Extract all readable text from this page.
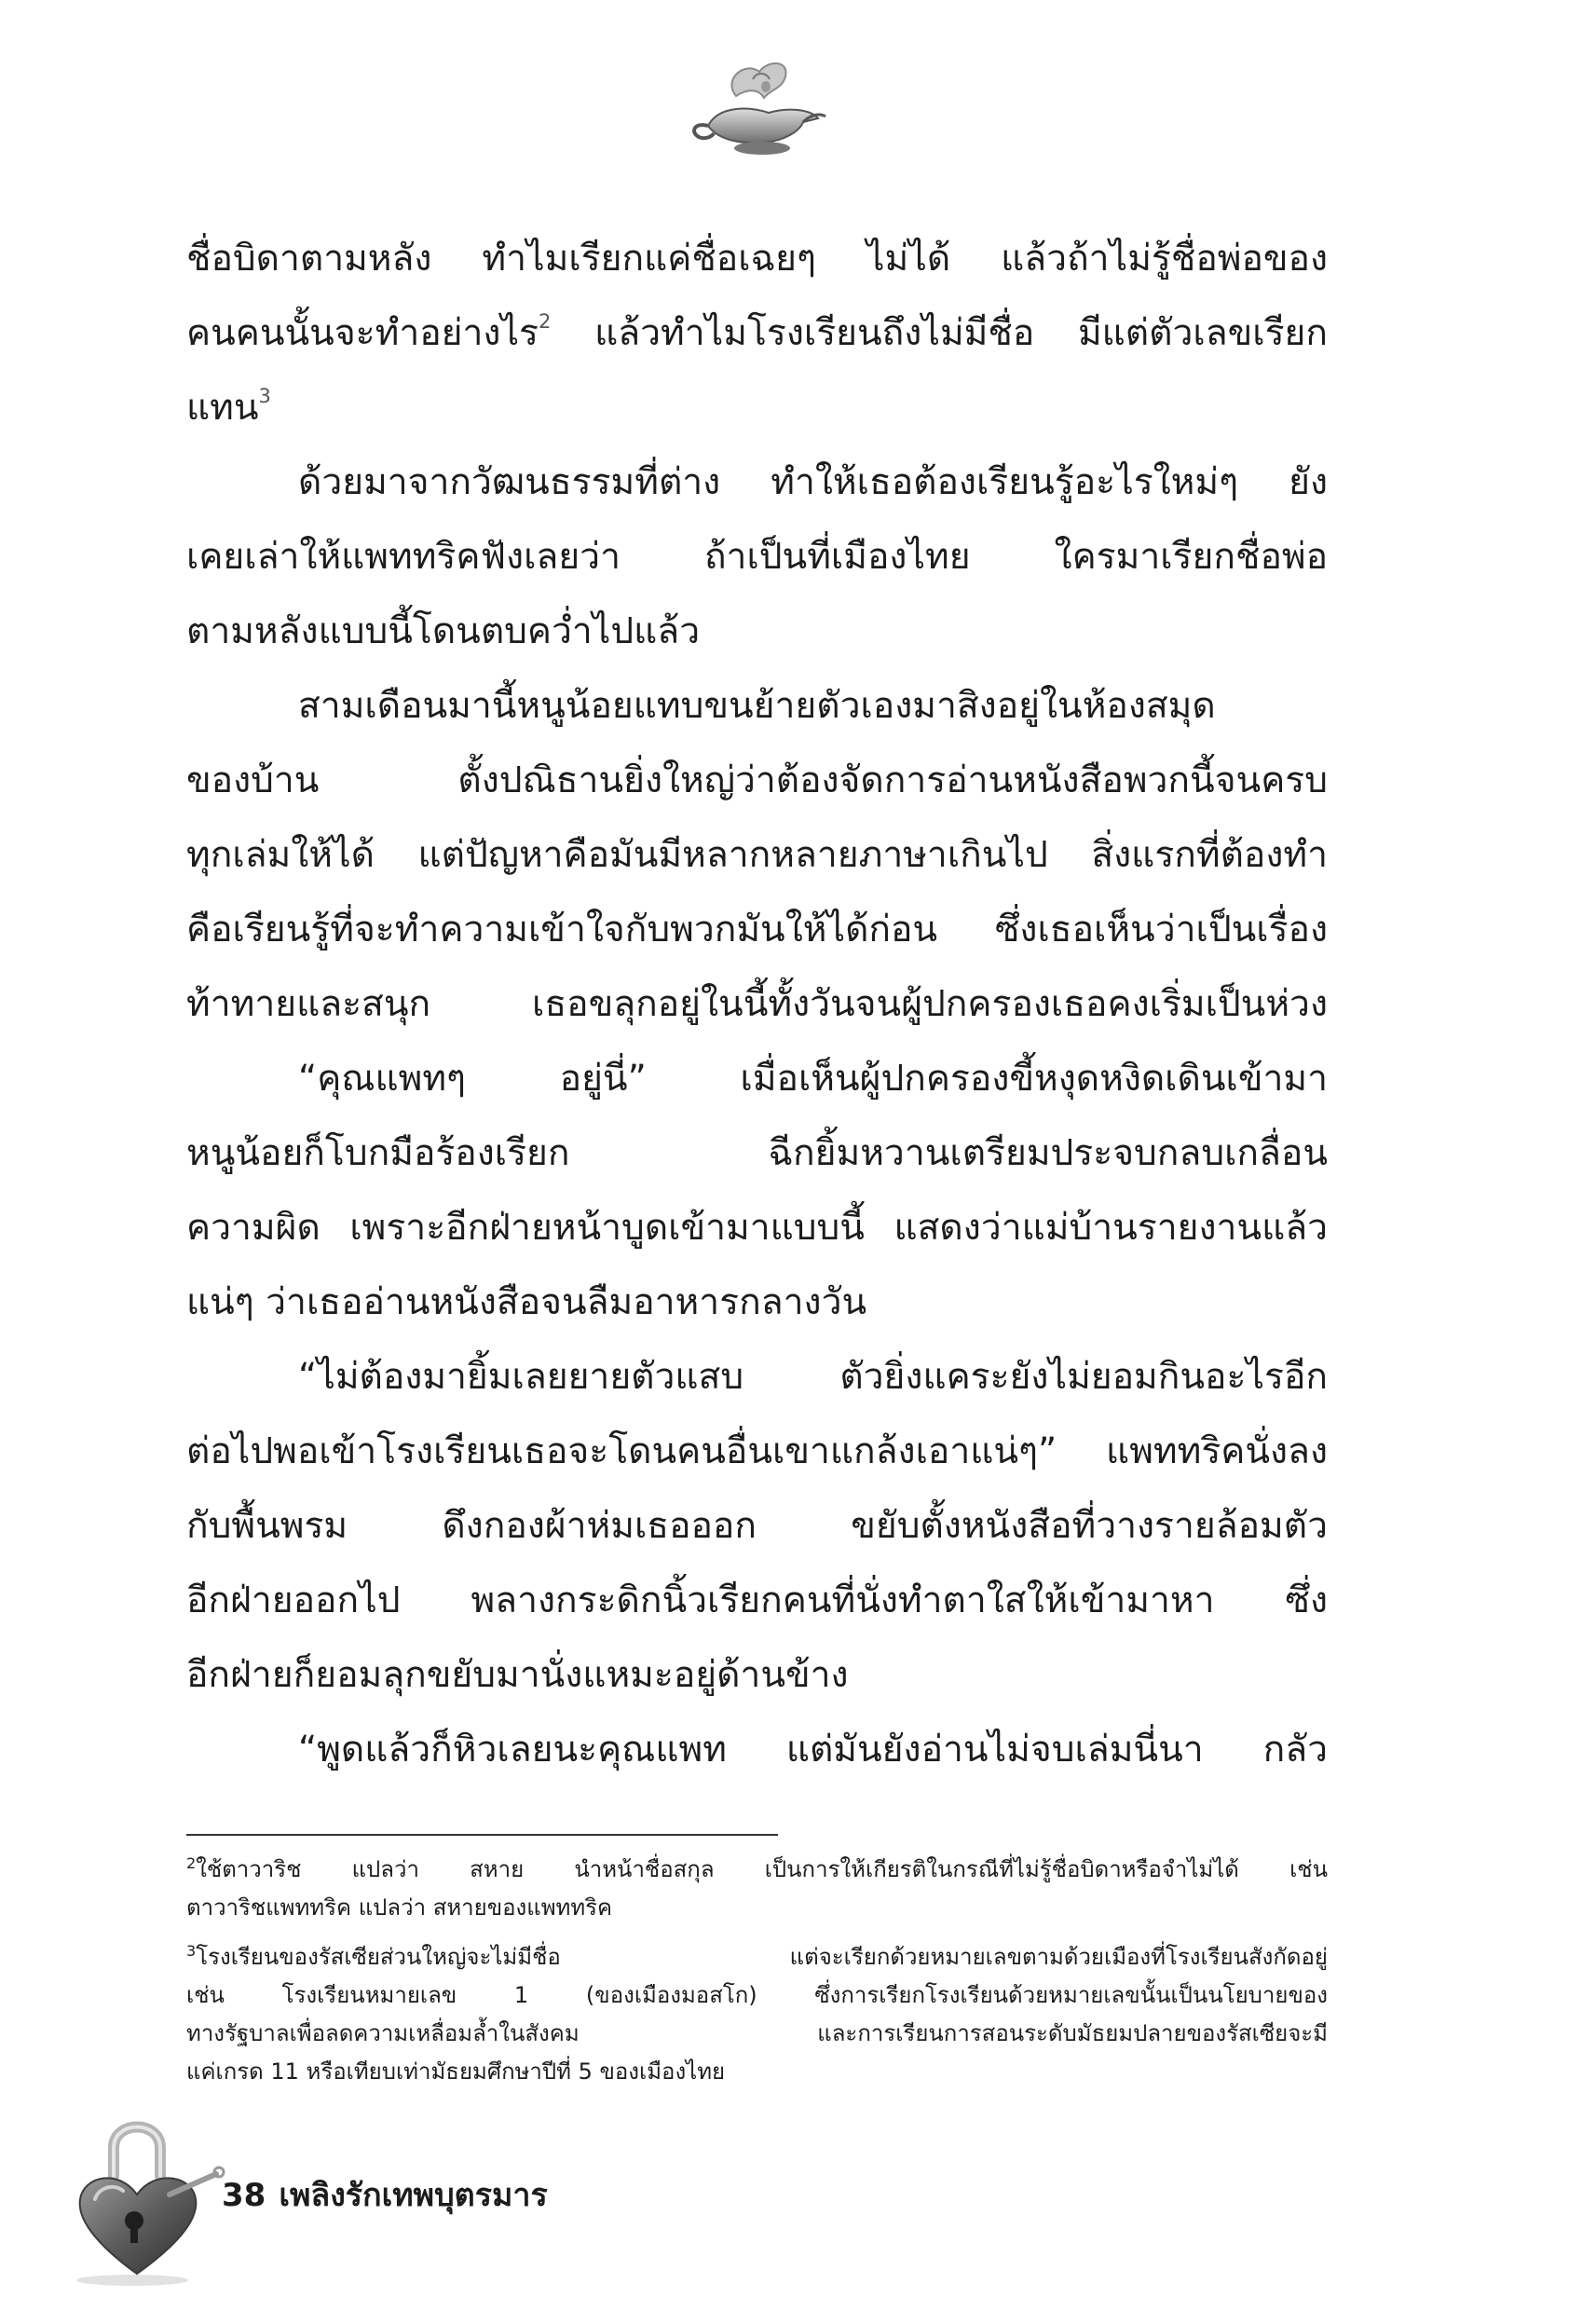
ชื่อบิดาตามหลัง ทำไมเรียกแค่ชื่อเฉยๆ ไม่ได้ แล้วถ้าไม่รู้ชื่อพ่อของ
คนคนนั้นจะทำอย่างไร$^2$ แล้วทำไมโรงเรียนถึงไม่มีชื่อ มีแต่ตัวเลขเรียก
แทน$^3$
ด้วยมาจากวัฒนธรรมที่ต่าง ทำให้เธอต้องเรียนรู้อะไรใหม่ๆ ยัง
เคยเล่าให้แพททริคฟังเลยว่า ถ้าเป็นที่เมืองไทย ใครมาเรียกชื่อพ่อ
ตามหลังแบบนี้โดนตบคว่ำไปแล้ว
สามเดือนมานี้หนูน้อยแทบขนย้ายตัวเองมาสิงอยู่ในห้องสมุด
ของบ้าน ตั้งปณิธานยิ่งใหญ่ว่าต้องจัดการอ่านหนังสือพวกนี้จนครบ
ทุกเล่มให้ได้ แต่ปัญหาคือมันมีหลากหลายภาษาเกินไป สิ่งแรกที่ต้องทำ
คือเรียนรู้ที่จะทำความเข้าใจกับพวกมันให้ได้ก่อน ซึ่งเธอเห็นว่าเป็นเรื่อง
ท้าทายและสนุก เธอขลุกอยู่ในนี้ทั้งวันจนผู้ปกครองเธอคงเริ่มเป็นห่วง
“คุณแพทๆ อยู่นี่” เมื่อเห็นผู้ปกครองขี้หงุดหงิดเดินเข้ามา
หนูน้อยก็โบกมือร้องเรียก ฉีกยิ้มหวานเตรียมประจบกลบเกลื่อน
ความผิด เพราะอีกฝ่ายหน้าบูดเข้ามาแบบนี้ แสดงว่าแม่บ้านรายงานแล้ว
แน่ๆ ว่าเธออ่านหนังสือจนลืมอาหารกลางวัน
“ไม่ต้องมายิ้มเลยยายตัวแสบ ตัวยิ่งแคระยังไม่ยอมกินอะไรอีก
ต่อไปพอเข้าโรงเรียนเธอจะโดนคนอื่นเขาแกล้งเอาแน่ๆ” แพททริคนั่งลง
กับพื้นพรม ดึงกองผ้าห่มเธอออก ขยับตั้งหนังสือที่วางรายล้อมตัว
อีกฝ่ายออกไป พลางกระดิกนิ้วเรียกคนที่นั่งทำตาใสให้เข้ามาหา ซึ่ง
อีกฝ่ายก็ยอมลุกขยับมานั่งแหมะอยู่ด้านข้าง
“พูดแล้วก็หิวเลยนะคุณแพท แต่มันยังอ่านไม่จบเล่มนี่นา กลัว
$^2$ใช้ตาวาริช แปลว่า สหาย นำหน้าชื่อสกุล เป็นการให้เกียรติในกรณีที่ไม่รู้ชื่อบิดาหรือจำไม่ได้ เช่น
ตาวาริชแพททริค แปลว่า สหายของแพททริค
$^3$โรงเรียนของรัสเซียส่วนใหญ่จะไม่มีชื่อ แต่จะเรียกด้วยหมายเลขตามด้วยเมืองที่โรงเรียนสังกัดอยู่
เช่น โรงเรียนหมายเลข 1 (ของเมืองมอสโก) ซึ่งการเรียกโรงเรียนด้วยหมายเลขนั้นเป็นนโยบายของ
ทางรัฐบาลเพื่อลดความเหลื่อมล้ำในสังคม และการเรียนการสอนระดับมัธยมปลายของรัสเซียจะมี
แค่เกรด 11 หรือเทียบเท่ามัธยมศึกษาปีที่ 5 ของเมืองไทย
38 เพลิงรักเทพบุตรมาร
